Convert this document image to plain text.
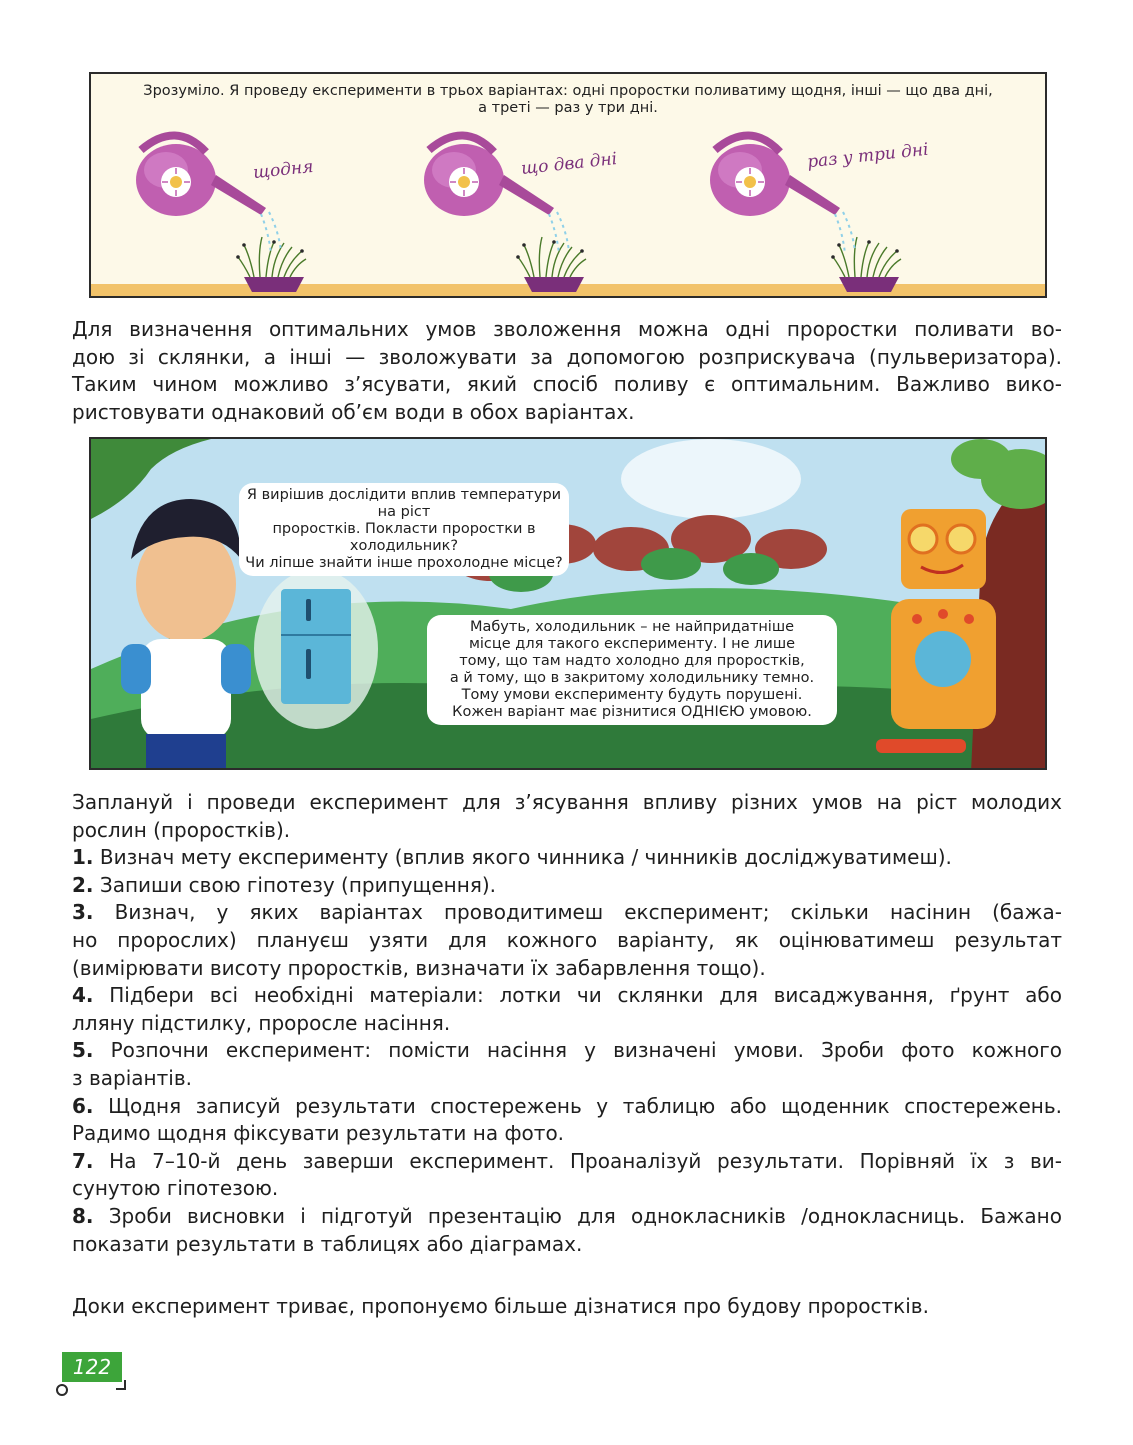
Зрозуміло. Я проведу експерименти в трьох варіантах: одні проростки поливатиму щодня, інші — що два дні,
а треті — раз у три дні.
щодня	що два дні	раз у три дні
Для визначення оптимальних умов зволоження можна одні проростки поливати во-
дою зі склянки, а інші — зволожувати за допомогою розприскувача (пульверизатора).
Таким чином можливо з’ясувати, який спосіб поливу є оптимальним. Важливо вико-
ристовувати однаковий об’єм води в обох варіантах.
Я вирішив дослідити вплив температури на ріст
проростків. Покласти проростки в холодильник?
Чи ліпше знайти інше прохолодне місце?
Мабуть, холодильник – не найпридатніше
місце для такого експерименту. І не лише
тому, що там надто холодно для проростків,
а й тому, що в закритому холодильнику темно.
Тому умови експерименту будуть порушені.
Кожен варіант має різнитися ОДНІЄЮ умовою.
Заплануй і проведи експеримент для з’ясування впливу різних умов на ріст молодих
рослин (проростків).
1. Визнач мету експерименту (вплив якого чинника / чинників досліджуватимеш).
2. Запиши свою гіпотезу (припущення).
3. Визнач, у яких варіантах проводитимеш експеримент; скільки насінин (бажа-
но пророслих) плануєш узяти для кожного варіанту, як оцінюватимеш результат
(вимірювати висоту проростків, визначати їх забарвлення тощо).
4. Підбери всі необхідні матеріали: лотки чи склянки для висаджування, ґрунт або
лляну підстилку, проросле насіння.
5. Розпочни експеримент: помісти насіння у визначені умови. Зроби фото кожного
з варіантів.
6. Щодня записуй результати спостережень у таблицю або щоденник спостережень.
Радимо щодня фіксувати результати на фото.
7. На 7–10-й день заверши експеримент. Проаналізуй результати. Порівняй їх з ви-
сунутою гіпотезою.
8. Зроби висновки і підготуй презентацію для однокласників /однокласниць. Бажано
показати результати в таблицях або діаграмах.
Доки експеримент триває, пропонуємо більше дізнатися про будову проростків.
122
